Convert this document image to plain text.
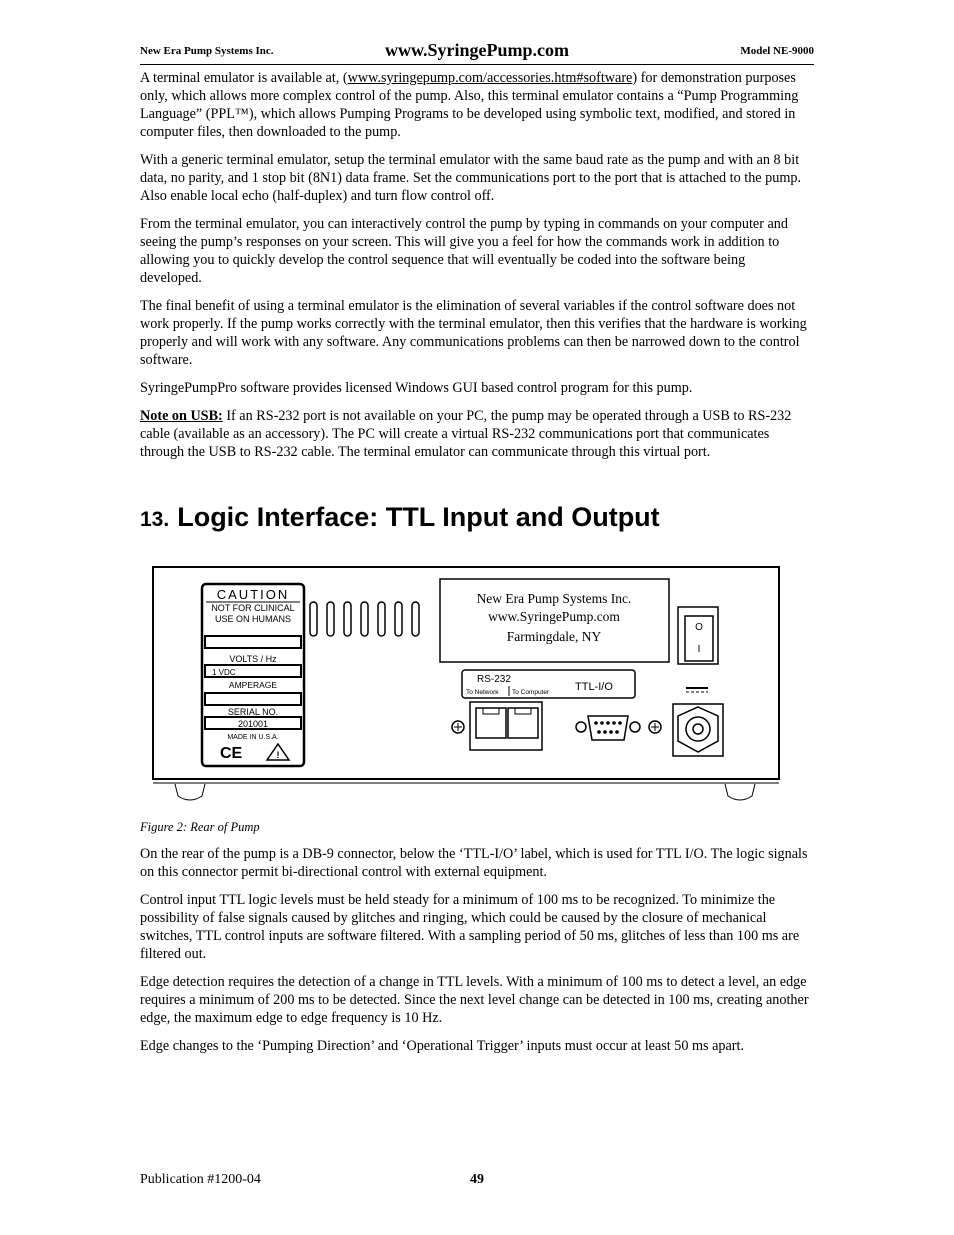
New Era Pump Systems Inc.	www.SyringePump.com	Model NE-9000

A terminal emulator is available at, (www.syringepump.com/accessories.htm#software) for demonstration purposes only, which allows more complex control of the pump. Also, this terminal emulator contains a “Pump Programming Language” (PPL™), which allows Pumping Programs to be developed using symbolic text, modified, and stored in computer files, then downloaded to the pump.

With a generic terminal emulator, setup the terminal emulator with the same baud rate as the pump and with an 8 bit data, no parity, and 1 stop bit (8N1) data frame. Set the communications port to the port that is attached to the pump. Also enable local echo (half-duplex) and turn flow control off.

From the terminal emulator, you can interactively control the pump by typing in commands on your computer and seeing the pump’s responses on your screen. This will give you a feel for how the commands work in addition to allowing you to quickly develop the control sequence that will eventually be coded into the software being developed.

The final benefit of using a terminal emulator is the elimination of several variables if the control software does not work properly. If the pump works correctly with the terminal emulator, then this verifies that the hardware is working properly and will work with any software. Any communications problems can then be narrowed down to the control software.

SyringePumpPro software provides licensed Windows GUI based control program for this pump.

Note on USB: If an RS-232 port is not available on your PC, the pump may be operated through a USB to RS-232 cable (available as an accessory). The PC will create a virtual RS-232 communications port that communicates through the USB to RS-232 cable. The terminal emulator can communicate through this virtual port.

13. Logic Interface: TTL Input and Output
CAUTION
NOT FOR CLINICAL
USE ON HUMANS
VOLTS / Hz
1 VDC
AMPERAGE
SERIAL NO.
201001
MADE IN U.S.A.
CE	!
New Era Pump Systems Inc.
www.SyringePump.com
Farmingdale, NY
O
I
RS-232
To Network To Computer TTL-I/O
Figure 2: Rear of Pump

On the rear of the pump is a DB-9 connector, below the ‘TTL-I/O’ label, which is used for TTL I/O. The logic signals on this connector permit bi-directional control with external equipment.

Control input TTL logic levels must be held steady for a minimum of 100 ms to be recognized. To minimize the possibility of false signals caused by glitches and ringing, which could be caused by the closure of mechanical switches, TTL control inputs are software filtered. With a sampling period of 50 ms, glitches of less than 100 ms are filtered out.

Edge detection requires the detection of a change in TTL levels. With a minimum of 100 ms to detect a level, an edge requires a minimum of 200 ms to be detected. Since the next level change can be detected in 100 ms, creating another edge, the maximum edge to edge frequency is 10 Hz.

Edge changes to the ‘Pumping Direction’ and ‘Operational Trigger’ inputs must occur at least 50 ms apart.

Publication #1200-04	49
